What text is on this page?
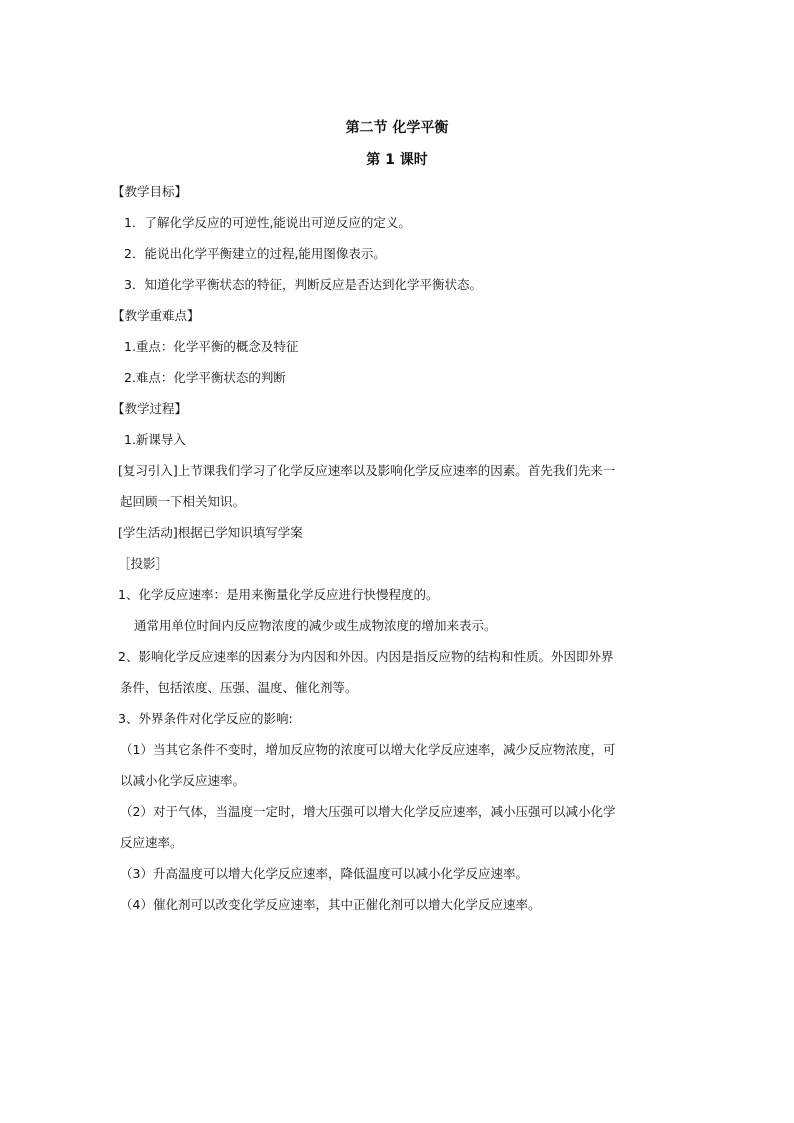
第二节 化学平衡
第 1 课时
【教学目标】
1．了解化学反应的可逆性,能说出可逆反应的定义。
2．能说出化学平衡建立的过程,能用图像表示。
3．知道化学平衡状态的特征，判断反应是否达到化学平衡状态。
【教学重难点】
1.重点：化学平衡的概念及特征
2.难点：化学平衡状态的判断
【教学过程】
1.新课导入
[复习引入]上节课我们学习了化学反应速率以及影响化学反应速率的因素。首先我们先来一
起回顾一下相关知识。
[学生活动]根据已学知识填写学案
［投影］
1、化学反应速率：是用来衡量化学反应进行快慢程度的。
通常用单位时间内反应物浓度的减少或生成物浓度的增加来表示。
2、影响化学反应速率的因素分为内因和外因。内因是指反应物的结构和性质。外因即外界
条件，包括浓度、压强、温度、催化剂等。
3、外界条件对化学反应的影响:
（1）当其它条件不变时，增加反应物的浓度可以增大化学反应速率，减少反应物浓度，可
以减小化学反应速率。
（2）对于气体，当温度一定时，增大压强可以增大化学反应速率，减小压强可以减小化学
反应速率。
（3）升高温度可以增大化学反应速率，降低温度可以减小化学反应速率。
（4）催化剂可以改变化学反应速率，其中正催化剂可以增大化学反应速率。
